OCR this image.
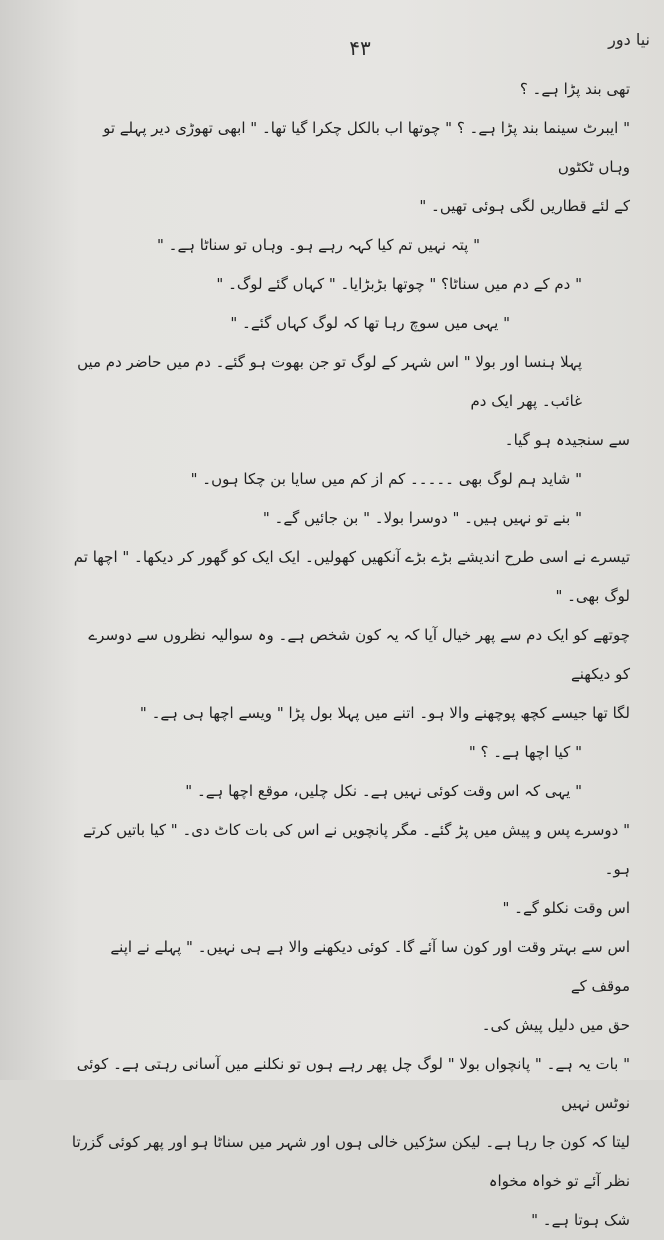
۴۳	نیا دور

تھی بند پڑا ہے۔ ؟

" ایبرٹ سینما بند پڑا ہے۔ ؟ " چوتھا اب بالکل چکرا گیا تھا۔ " ابھی تھوڑی دیر پہلے تو وہاں ٹکٹوں

کے لئے قطاریں لگی ہوئی تھیں۔ "

" پتہ نہیں تم کیا کہہ رہے ہو۔ وہاں تو سناٹا ہے۔ "

" دم کے دم میں سناٹا؟ " چوتھا بڑبڑایا۔ " کہاں گئے لوگ۔ "

" یہی میں سوچ رہا تھا کہ لوگ کہاں گئے۔ "

پہلا ہنسا اور بولا " اس شہر کے لوگ تو جن بھوت ہو گئے۔ دم میں حاضر دم میں غائب۔ پھر ایک دم

سے سنجیدہ ہو گیا۔

" شاید ہم لوگ بھی ۔۔۔۔۔ کم از کم میں سایا بن چکا ہوں۔ "

" بنے تو نہیں ہیں۔ " دوسرا بولا۔ " بن جائیں گے۔ "

تیسرے نے اسی طرح اندیشے بڑے بڑے آنکھیں کھولیں۔ ایک ایک کو گھور کر دیکھا۔ " اچھا تم

لوگ بھی۔ "

چوتھے کو ایک دم سے پھر خیال آیا کہ یہ کون شخص ہے۔ وہ سوالیہ نظروں سے دوسرے کو دیکھنے

لگا تھا جیسے کچھ پوچھنے والا ہو۔ اتنے میں پہلا بول پڑا " ویسے اچھا ہی ہے۔ "

" کیا اچھا ہے۔ ؟ "

" یہی کہ اس وقت کوئی نہیں ہے۔ نکل چلیں، موقع اچھا ہے۔ "

" دوسرے پس و پیش میں پڑ گئے۔ مگر پانچویں نے اس کی بات کاٹ دی۔ " کیا باتیں کرتے ہو۔

اس وقت نکلو گے۔ "

اس سے بہتر وقت اور کون سا آئے گا۔ کوئی دیکھنے والا ہے ہی نہیں۔ " پہلے نے اپنے موقف کے

حق میں دلیل پیش کی۔

" بات یہ ہے۔ " پانچواں بولا " لوگ چل پھر رہے ہوں تو نکلنے میں آسانی رہتی ہے۔ کوئی نوٹس نہیں

لیتا کہ کون جا رہا ہے۔ لیکن سڑکیں خالی ہوں اور شہر میں سناٹا ہو اور پھر کوئی گزرتا نظر آئے تو خواہ مخواہ

شک ہوتا ہے۔ "
